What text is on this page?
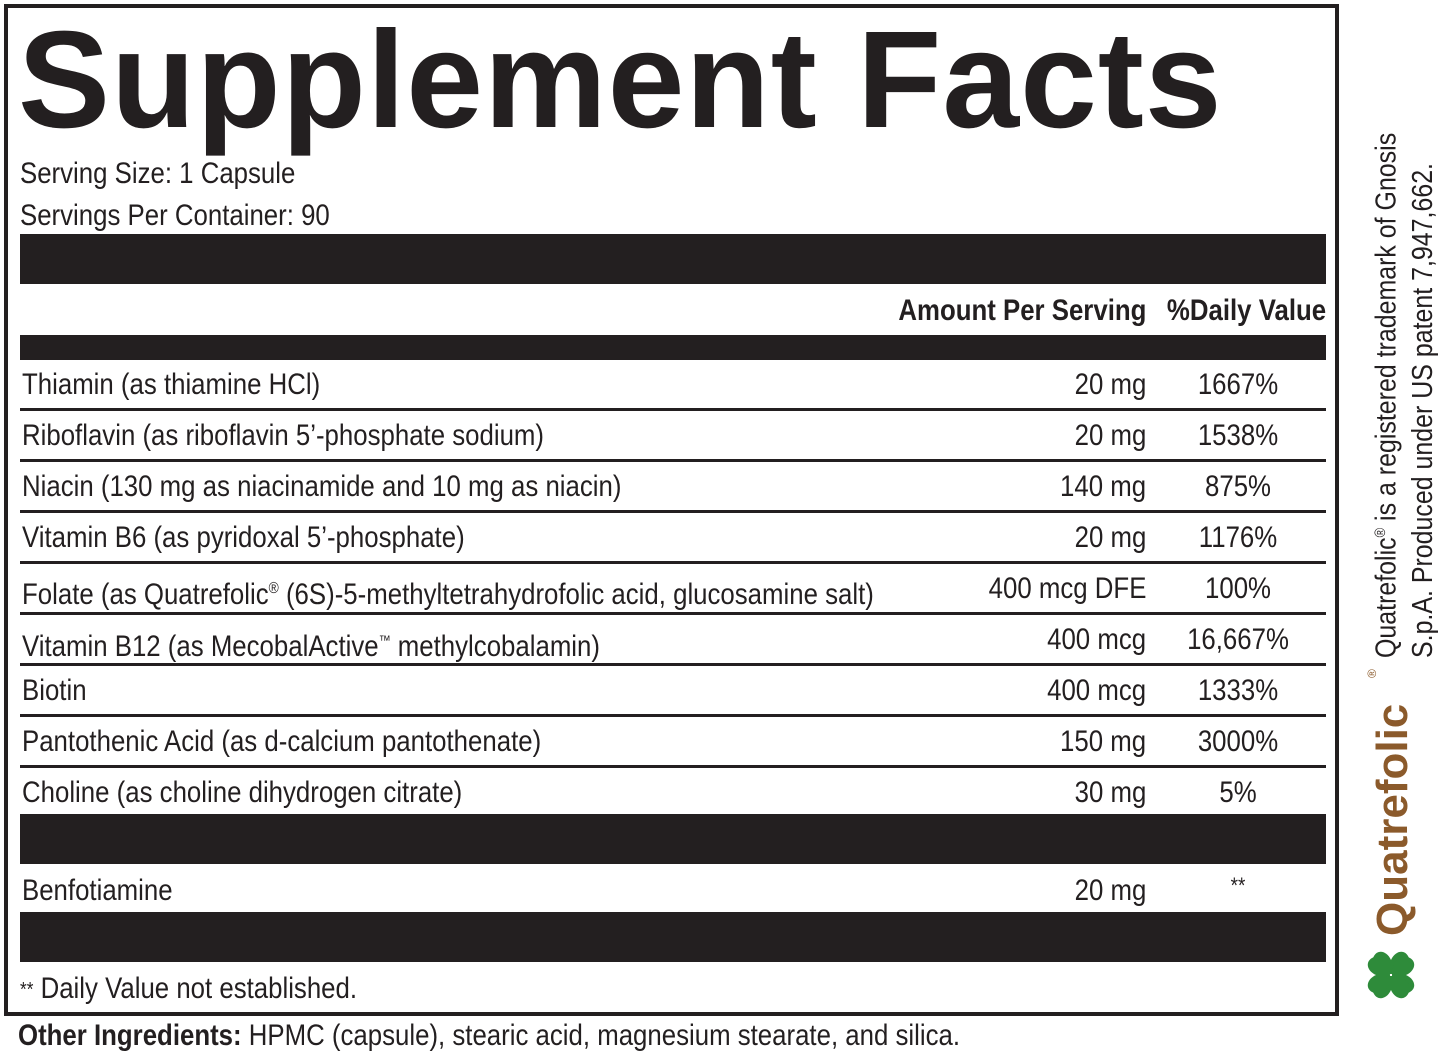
Supplement Facts
Serving Size: 1 Capsule
Servings Per Container: 90
Amount Per Serving %Daily Value
Thiamin (as thiamine HCl)	20 mg 1667%
Riboflavin (as riboflavin 5’-phosphate sodium)	20 mg 1538%
Niacin (130 mg as niacinamide and 10 mg as niacin)	140 mg 875%
Vitamin B6 (as pyridoxal 5’-phosphate)	20 mg 1176%
Folate (as Quatrefolic® (6S)-5-methyltetrahydrofolic acid, glucosamine salt)	400 mcg DFE 100%
Vitamin B12 (as MecobalActive™ methylcobalamin)	400 mcg 16,667%
Biotin	400 mcg 1333%
Pantothenic Acid (as d-calcium pantothenate)	150 mg 3000%
Choline (as choline dihydrogen citrate)	30 mg 5%
Benfotiamine	20 mg	**
** Daily Value not established.
Other Ingredients: HPMC (capsule), stearic acid, magnesium stearate, and silica.
Quatrefolic
®
Quatrefolic® is a registered trademark of Gnosis S.p.A. Produced under US patent 7,947,662.
